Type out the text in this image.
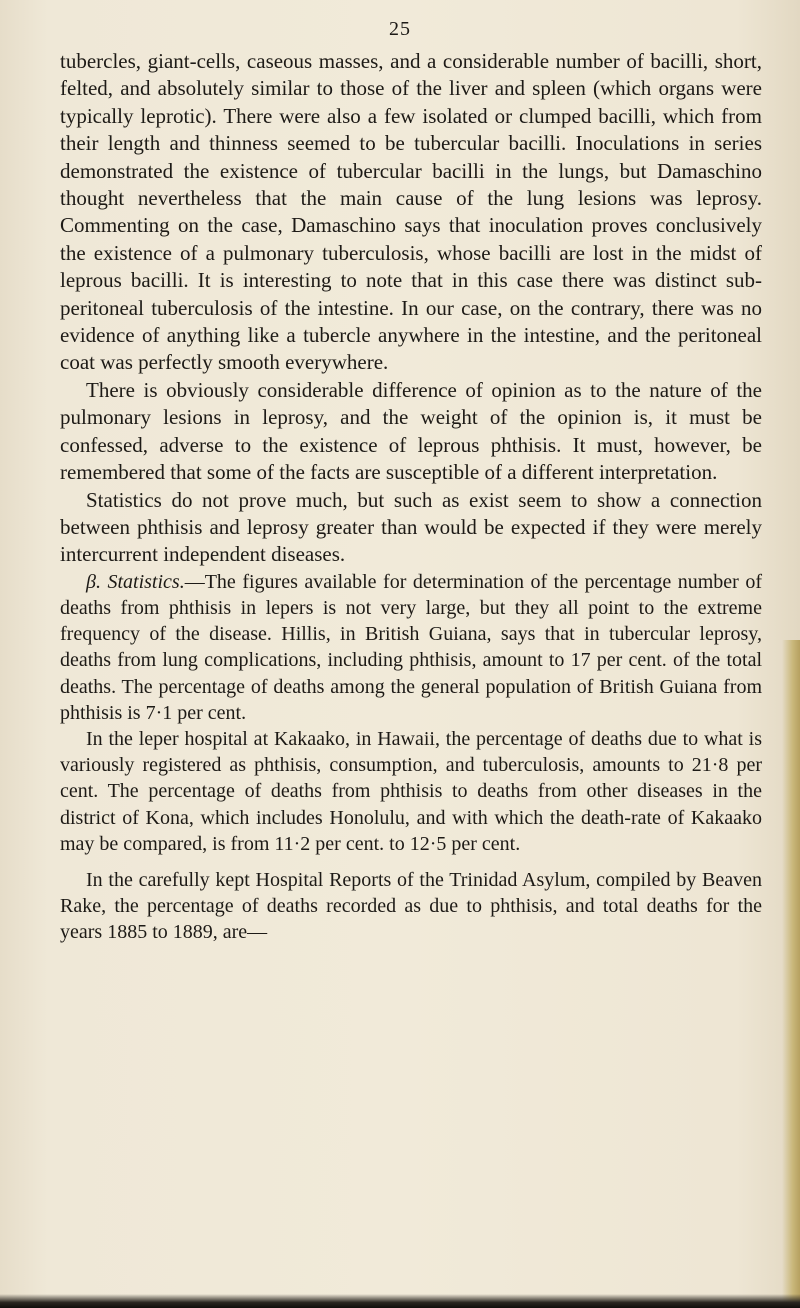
25

tubercles, giant-cells, caseous masses, and a considerable number of bacilli, short, felted, and absolutely similar to those of the liver and spleen (which organs were typically leprotic). There were also a few isolated or clumped bacilli, which from their length and thinness seemed to be tubercular bacilli. Inoculations in series demonstrated the existence of tubercular bacilli in the lungs, but Damaschino thought nevertheless that the main cause of the lung lesions was leprosy. Commenting on the case, Damaschino says that inoculation proves conclusively the existence of a pulmonary tuberculosis, whose bacilli are lost in the midst of leprous bacilli. It is interesting to note that in this case there was distinct sub-peritoneal tuberculosis of the intestine. In our case, on the contrary, there was no evidence of anything like a tubercle anywhere in the intestine, and the peritoneal coat was perfectly smooth everywhere.

There is obviously considerable difference of opinion as to the nature of the pulmonary lesions in leprosy, and the weight of the opinion is, it must be confessed, adverse to the existence of leprous phthisis. It must, however, be remembered that some of the facts are susceptible of a different interpretation.

Statistics do not prove much, but such as exist seem to show a connection between phthisis and leprosy greater than would be expected if they were merely intercurrent independent diseases.

β. Statistics.—The figures available for determination of the percentage number of deaths from phthisis in lepers is not very large, but they all point to the extreme frequency of the disease. Hillis, in British Guiana, says that in tubercular leprosy, deaths from lung complications, including phthisis, amount to 17 per cent. of the total deaths. The percentage of deaths among the general population of British Guiana from phthisis is 7·1 per cent.

In the leper hospital at Kakaako, in Hawaii, the percentage of deaths due to what is variously registered as phthisis, consumption, and tuberculosis, amounts to 21·8 per cent. The percentage of deaths from phthisis to deaths from other diseases in the district of Kona, which includes Honolulu, and with which the death-rate of Kakaako may be compared, is from 11·2 per cent. to 12·5 per cent.

In the carefully kept Hospital Reports of the Trinidad Asylum, compiled by Beaven Rake, the percentage of deaths recorded as due to phthisis, and total deaths for the years 1885 to 1889, are—
